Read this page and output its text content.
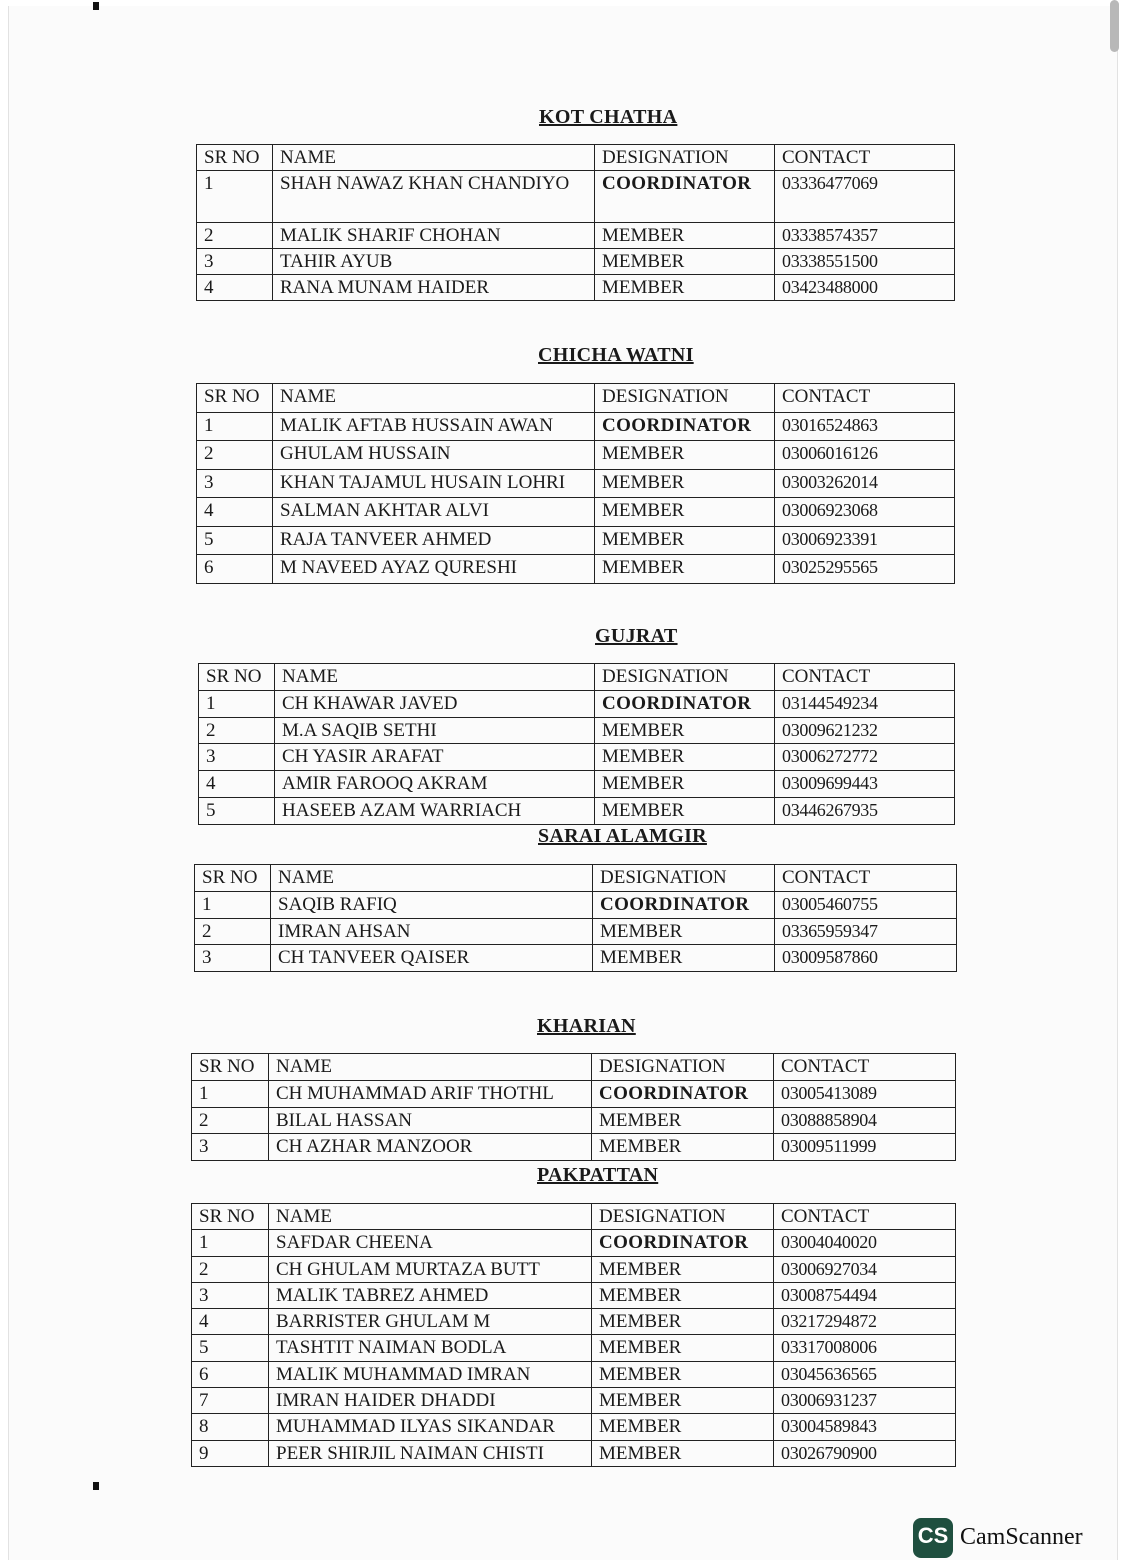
KOT CHATHA
SR NO	NAME	DESIGNATION	CONTACT
1	SHAH NAWAZ KHAN CHANDIYO	COORDINATOR	03336477069
2	MALIK SHARIF CHOHAN	MEMBER	03338574357
3	TAHIR AYUB	MEMBER	03338551500
4	RANA MUNAM HAIDER	MEMBER	03423488000
CHICHA WATNI
SR NO	NAME	DESIGNATION	CONTACT
1	MALIK AFTAB HUSSAIN AWAN	COORDINATOR	03016524863
2	GHULAM HUSSAIN	MEMBER	03006016126
3	KHAN TAJAMUL HUSAIN LOHRI	MEMBER	03003262014
4	SALMAN AKHTAR ALVI	MEMBER	03006923068
5	RAJA TANVEER AHMED	MEMBER	03006923391
6	M NAVEED AYAZ QURESHI	MEMBER	03025295565
GUJRAT
SR NO	NAME	DESIGNATION	CONTACT
1	CH KHAWAR JAVED	COORDINATOR	03144549234
2	M.A SAQIB SETHI	MEMBER	03009621232
3	CH YASIR ARAFAT	MEMBER	03006272772
4	AMIR FAROOQ AKRAM	MEMBER	03009699443
5	HASEEB AZAM WARRIACH	MEMBER	03446267935
SARAI ALAMGIR
SR NO	NAME	DESIGNATION	CONTACT
1	SAQIB RAFIQ	COORDINATOR	03005460755
2	IMRAN AHSAN	MEMBER	03365959347
3	CH TANVEER QAISER	MEMBER	03009587860
KHARIAN
SR NO	NAME	DESIGNATION	CONTACT
1	CH MUHAMMAD ARIF THOTHL	COORDINATOR	03005413089
2	BILAL HASSAN	MEMBER	03088858904
3	CH AZHAR MANZOOR	MEMBER	03009511999
PAKPATTAN
SR NO	NAME	DESIGNATION	CONTACT
1	SAFDAR CHEENA	COORDINATOR	03004040020
2	CH GHULAM MURTAZA BUTT	MEMBER	03006927034
3	MALIK TABREZ AHMED	MEMBER	03008754494
4	BARRISTER GHULAM M	MEMBER	03217294872
5	TASHTIT NAIMAN BODLA	MEMBER	03317008006
6	MALIK MUHAMMAD IMRAN	MEMBER	03045636565
7	IMRAN HAIDER DHADDI	MEMBER	03006931237
8	MUHAMMAD ILYAS SIKANDAR	MEMBER	03004589843
9	PEER SHIRJIL NAIMAN CHISTI	MEMBER	03026790900
CS CamScanner
